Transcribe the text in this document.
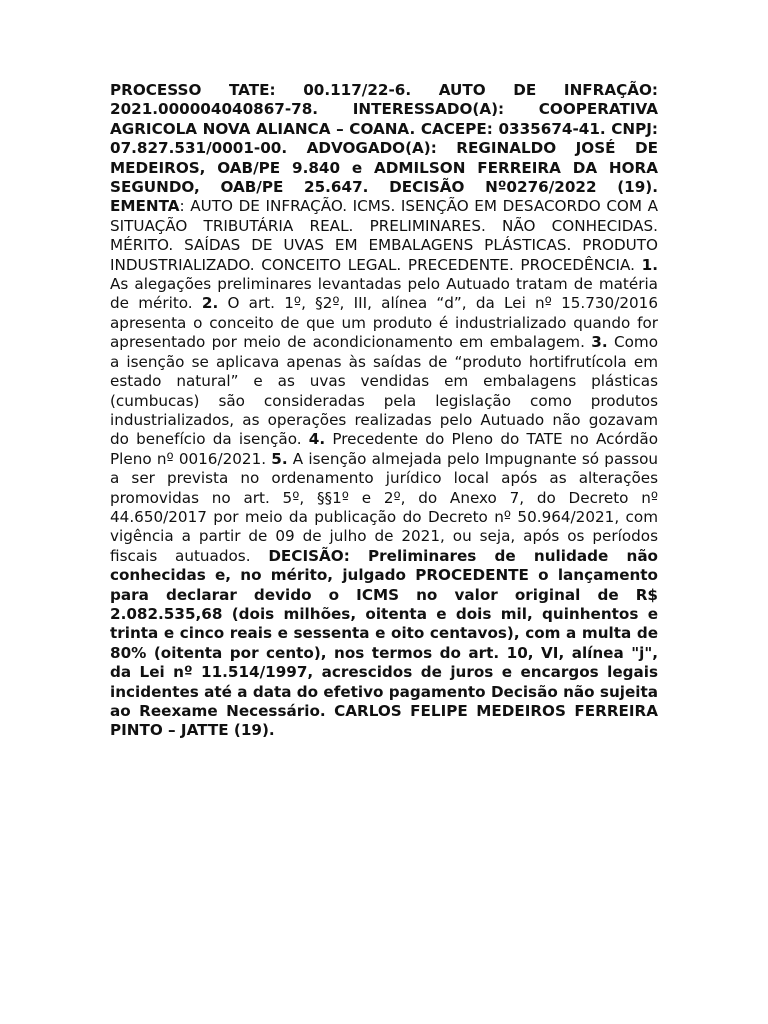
PROCESSO TATE: 00.117/22-6. AUTO DE INFRAÇÃO: 2021.000004040867-78. INTERESSADO(A): COOPERATIVA AGRICOLA NOVA ALIANCA – COANA. CACEPE: 0335674-41. CNPJ: 07.827.531/0001-00. ADVOGADO(A): REGINALDO JOSÉ DE MEDEIROS, OAB/PE 9.840 e ADMILSON FERREIRA DA HORA SEGUNDO, OAB/PE 25.647. DECISÃO Nº0276/2022 (19). EMENTA: AUTO DE INFRAÇÃO. ICMS. ISENÇÃO EM DESACORDO COM A SITUAÇÃO TRIBUTÁRIA REAL. PRELIMINARES. NÃO CONHECIDAS. MÉRITO. SAÍDAS DE UVAS EM EMBALAGENS PLÁSTICAS. PRODUTO INDUSTRIALIZADO. CONCEITO LEGAL. PRECEDENTE. PROCEDÊNCIA. 1. As alegações preliminares levantadas pelo Autuado tratam de matéria de mérito. 2. O art. 1º, §2º, III, alínea “d”, da Lei nº 15.730/2016 apresenta o conceito de que um produto é industrializado quando for apresentado por meio de acondicionamento em embalagem. 3. Como a isenção se aplicava apenas às saídas de “produto hortifrutícola em estado natural” e as uvas vendidas em embalagens plásticas (cumbucas) são consideradas pela legislação como produtos industrializados, as operações realizadas pelo Autuado não gozavam do benefício da isenção. 4. Precedente do Pleno do TATE no Acórdão Pleno nº 0016/2021. 5. A isenção almejada pelo Impugnante só passou a ser prevista no ordenamento jurídico local após as alterações promovidas no art. 5º, §§1º e 2º, do Anexo 7, do Decreto nº 44.650/2017 por meio da publicação do Decreto nº 50.964/2021, com vigência a partir de 09 de julho de 2021, ou seja, após os períodos fiscais autuados. DECISÃO: Preliminares de nulidade não conhecidas e, no mérito, julgado PROCEDENTE o lançamento para declarar devido o ICMS no valor original de R$ 2.082.535,68 (dois milhões, oitenta e dois mil, quinhentos e trinta e cinco reais e sessenta e oito centavos), com a multa de 80% (oitenta por cento), nos termos do art. 10, VI, alínea "j", da Lei nº 11.514/1997, acrescidos de juros e encargos legais incidentes até a data do efetivo pagamento Decisão não sujeita ao Reexame Necessário. CARLOS FELIPE MEDEIROS FERREIRA PINTO – JATTE (19).
